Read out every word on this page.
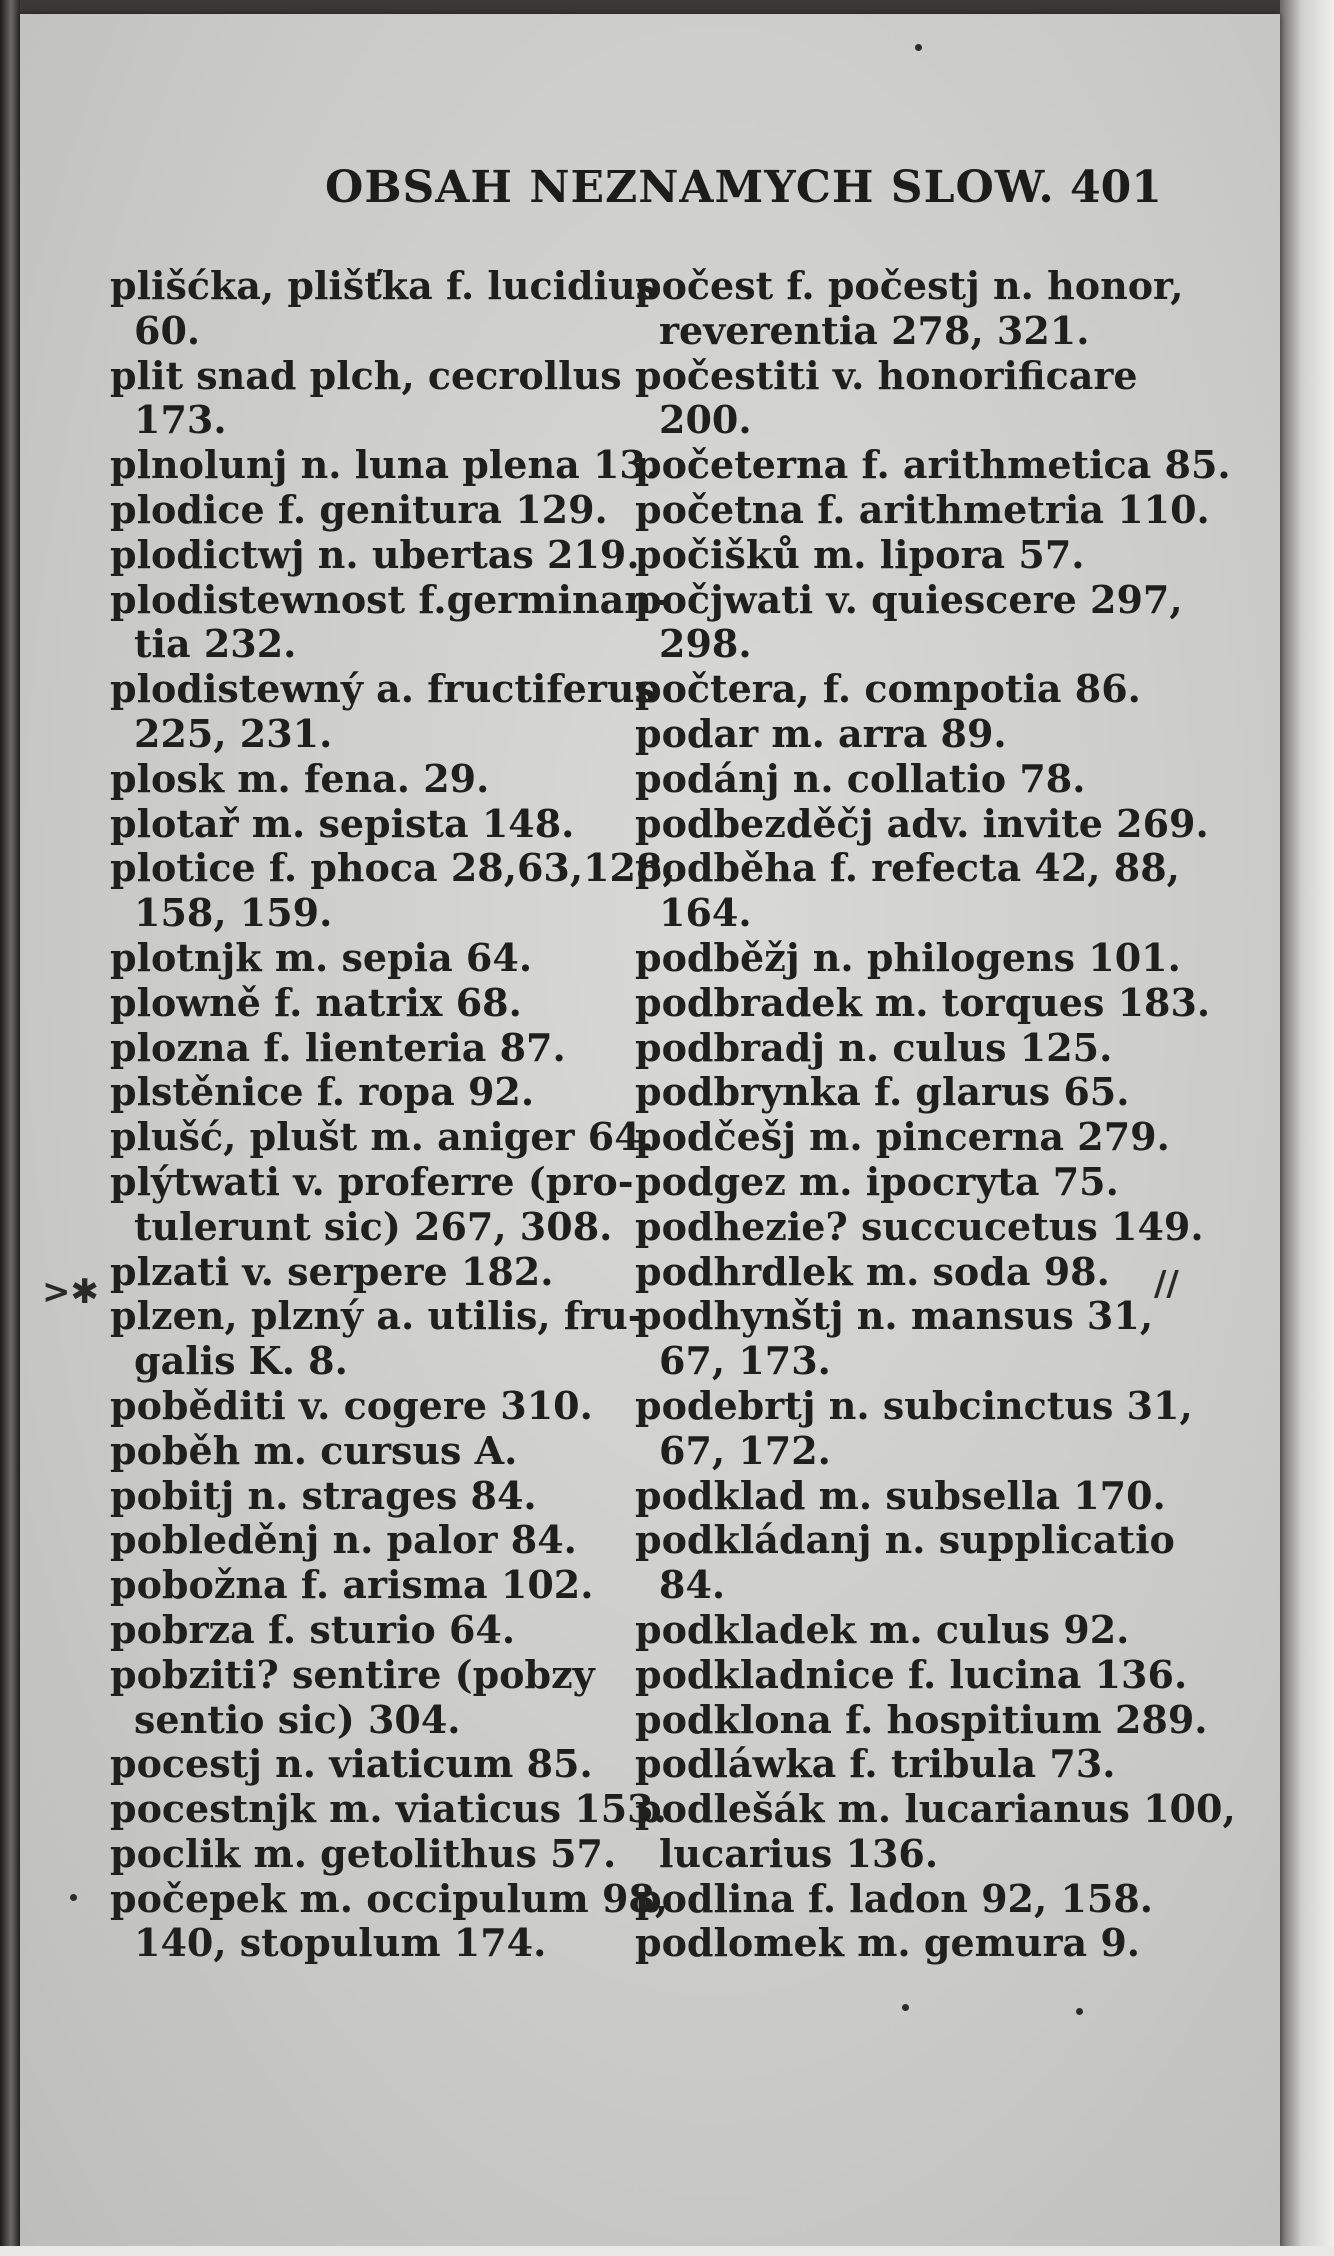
OBSAH NEZNAMYCH SLOW. 401
plišćka, plišťka f. lucidius
60.
plit snad plch, cecrollus
173.
plnolunj n. luna plena 13.
plodice f. genitura 129.
plodictwj n. ubertas 219.
plodistewnost f.germinan-
tia 232.
plodistewný a. fructiferus
225, 231.
plosk m. fena. 29.
plotař m. sepista 148.
plotice f. phoca 28,63,128,
158, 159.
plotnjk m. sepia 64.
plowně f. natrix 68.
plozna f. lienteria 87.
plstěnice f. ropa 92.
plušć, plušt m. aniger 64.
plýtwati v. proferre (pro-
tulerunt sic) 267, 308.
plzati v. serpere 182.
plzen, plzný a. utilis, fru-
galis K. 8.
poběditi v. cogere 310.
poběh m. cursus A.
pobitj n. strages 84.
pobleděnj n. palor 84.
pobožna f. arisma 102.
pobrza f. sturio 64.
pobziti? sentire (pobzy
sentio sic) 304.
pocestj n. viaticum 85.
pocestnjk m. viaticus 153.
poclik m. getolithus 57.
počepek m. occipulum 98,
140, stopulum 174.
počest f. počestj n. honor,
reverentia 278, 321.
počestiti v. honorificare
200.
početerna f. arithmetica 85.
početna f. arithmetria 110.
počišků m. lipora 57.
počjwati v. quiescere 297,
298.
počtera, f. compotia 86.
podar m. arra 89.
podánj n. collatio 78.
podbezděčj adv. invite 269.
podběha f. refecta 42, 88,
164.
podběžj n. philogens 101.
podbradek m. torques 183.
podbradj n. culus 125.
podbrynka f. glarus 65.
podčešj m. pincerna 279.
podgez m. ipocryta 75.
podhezie? succucetus 149.
podhrdlek m. soda 98.
podhynštj n. mansus 31,
67, 173.
podebrtj n. subcinctus 31,
67, 172.
podklad m. subsella 170.
podkládanj n. supplicatio
84.
podkladek m. culus 92.
podkladnice f. lucina 136.
podklona f. hospitium 289.
podláwka f. tribula 73.
podlešák m. lucarianus 100,
lucarius 136.
podlina f. ladon 92, 158.
podlomek m. gemura 9.
>✱	//
